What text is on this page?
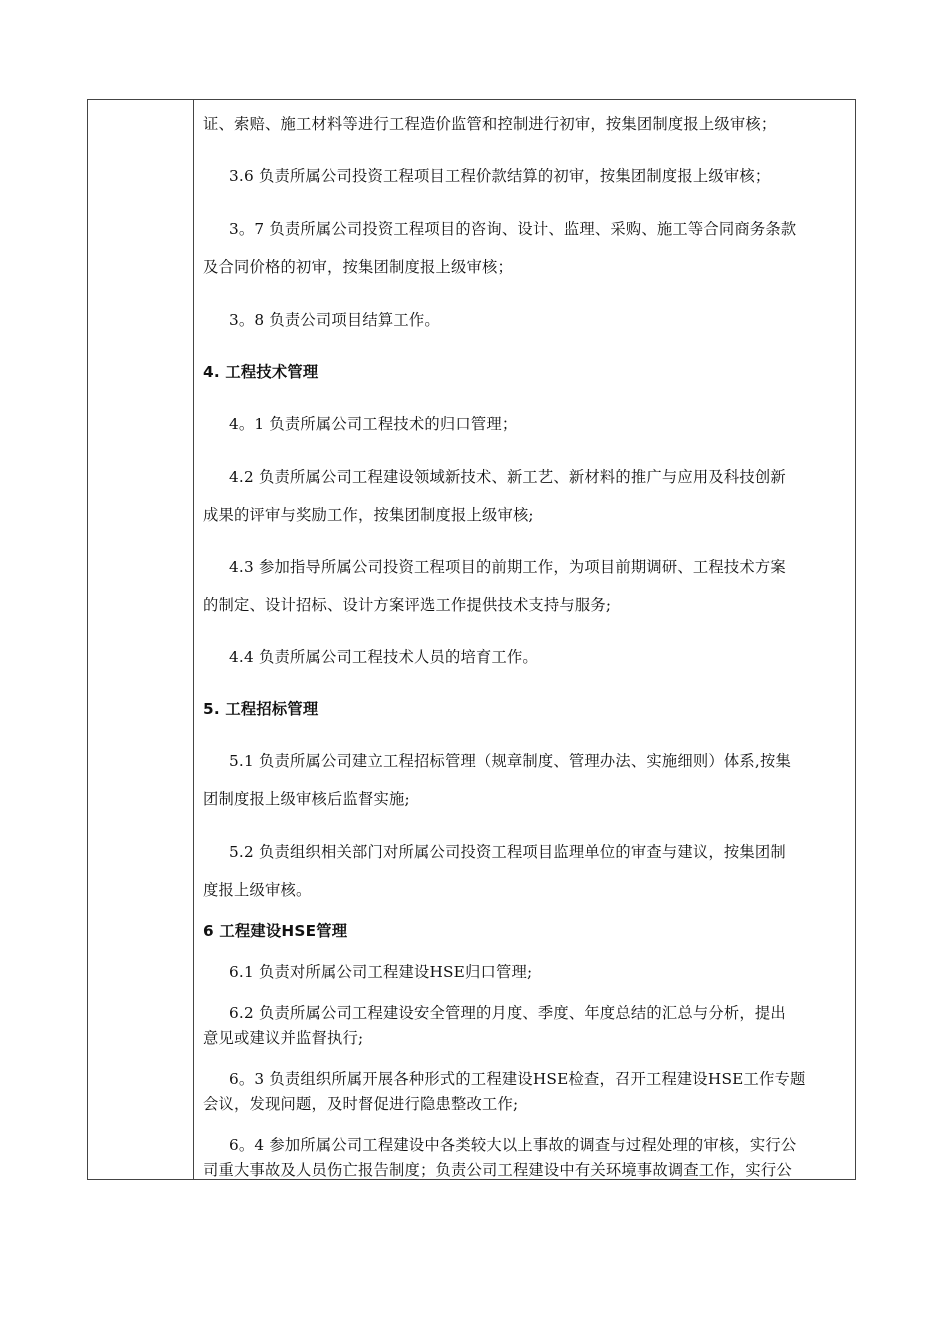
证、索赔、施工材料等进行工程造价监管和控制进行初审，按集团制度报上级审核；
3.6 负责所属公司投资工程项目工程价款结算的初审，按集团制度报上级审核；
3。7 负责所属公司投资工程项目的咨询、设计、监理、采购、施工等合同商务条款
及合同价格的初审，按集团制度报上级审核；
3。8 负责公司项目结算工作。
4. 工程技术管理
4。1 负责所属公司工程技术的归口管理；
4.2 负责所属公司工程建设领域新技术、新工艺、新材料的推广与应用及科技创新
成果的评审与奖励工作，按集团制度报上级审核;
4.3 参加指导所属公司投资工程项目的前期工作，为项目前期调研、工程技术方案
的制定、设计招标、设计方案评选工作提供技术支持与服务;
4.4 负责所属公司工程技术人员的培育工作。
5. 工程招标管理
5.1 负责所属公司建立工程招标管理（规章制度、管理办法、实施细则）体系,按集
团制度报上级审核后监督实施;
5.2 负责组织相关部门对所属公司投资工程项目监理单位的审查与建议，按集团制
度报上级审核。
6 工程建设HSE管理
6.1 负责对所属公司工程建设HSE归口管理;
6.2 负责所属公司工程建设安全管理的月度、季度、年度总结的汇总与分析，提出
意见或建议并监督执行;
6。3 负责组织所属开展各种形式的工程建设HSE检查，召开工程建设HSE工作专题
会议，发现问题，及时督促进行隐患整改工作;
6。4 参加所属公司工程建设中各类较大以上事故的调查与过程处理的审核，实行公
司重大事故及人员伤亡报告制度；负责公司工程建设中有关环境事故调查工作，实行公
